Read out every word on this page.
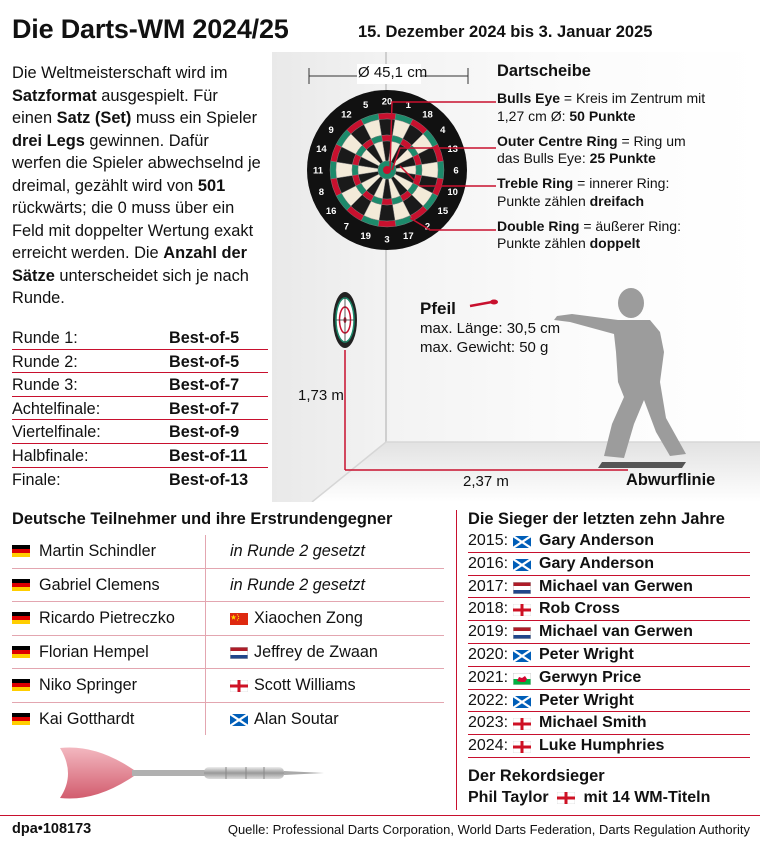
Die Darts-WM 2024/25	15. Dezember 2024 bis 3. Januar 2025
Die Weltmeisterschaft wird im Satzformat ausgespielt. Für einen Satz (Set) muss ein Spieler drei Legs gewinnen. Dafür werfen die Spieler abwechselnd je dreimal, gezählt wird von 501 rückwärts; die 0 muss über ein Feld mit doppelter Wertung exakt erreicht werden. Die Anzahl der Sätze unterscheidet sich je nach Runde.
Runde 1:	Best-of-5
Runde 2:	Best-of-5
Runde 3:	Best-of-7
Achtelfinale:	Best-of-7
Viertelfinale:	Best-of-9
Halbfinale:	Best-of-11
Finale:	Best-of-13
20 1
18
4
13
6
10
15
2
17
3
19
7
16
8
11
14
9
12
5
Ø 45,1 cm	Dartscheibe
Bulls Eye = Kreis im Zentrum mit
1,27 cm Ø: 50 Punkte
Outer Centre Ring = Ring um
das Bulls Eye: 25 Punkte
Treble Ring = innerer Ring:
Punkte zählen dreifach
Double Ring = äußerer Ring:
Punkte zählen doppelt
Pfeil
max. Länge: 30,5 cm
max. Gewicht: 50 g
1,73 m
2,37 m	Abwurflinie
Deutsche Teilnehmer und ihre Erstrundengegner
Martin Schindler	in Runde 2 gesetzt
Gabriel Clemens	in Runde 2 gesetzt
Ricardo Pietreczko	Xiaochen Zong
Florian Hempel	Jeffrey de Zwaan
Niko Springer	Scott Williams
Kai Gotthardt	Alan Soutar
Die Sieger der letzten zehn Jahre
2015: Gary Anderson
2016: Gary Anderson
2017: Michael van Gerwen
2018: Rob Cross
2019: Michael van Gerwen
2020: Peter Wright
2021: Gerwyn Price
2022: Peter Wright
2023: Michael Smith
2024: Luke Humphries
Der Rekordsieger
Phil Taylor mit 14 WM-Titeln
dpa•108173	Quelle: Professional Darts Corporation, World Darts Federation, Darts Regulation Authority
